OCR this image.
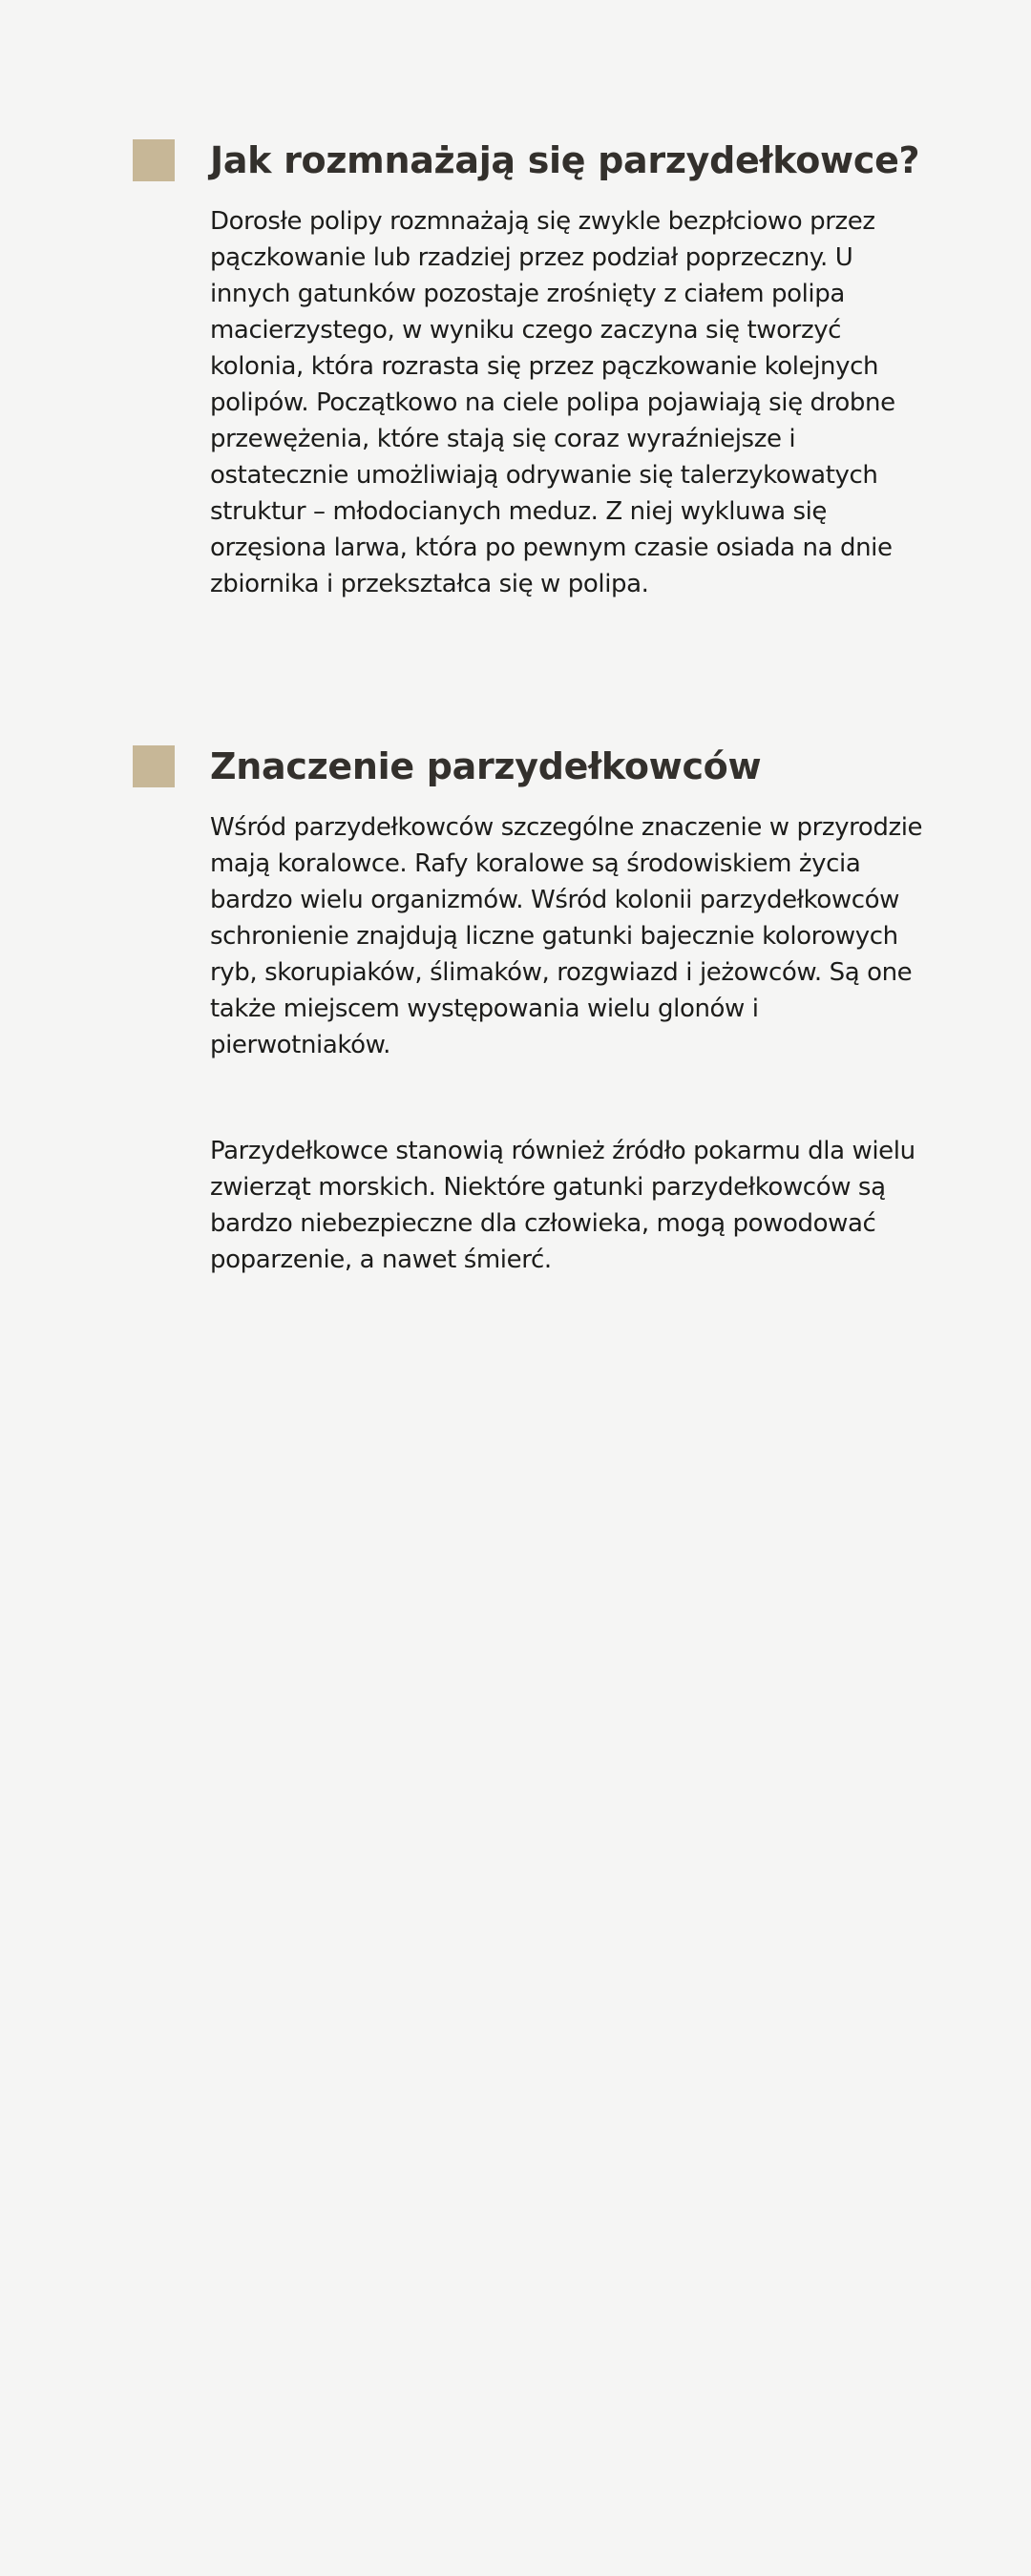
Jak rozmnażają się parzydełkowce?

Dorosłe polipy rozmnażają się zwykle bezpłciowo przez pączkowanie lub rzadziej przez podział poprzeczny. U innych gatunków pozostaje zrośnięty z ciałem polipa macierzystego, w wyniku czego zaczyna się tworzyć kolonia, która rozrasta się przez pączkowanie kolejnych polipów. Początkowo na ciele polipa pojawiają się drobne przewężenia, które stają się coraz wyraźniejsze i ostatecznie umożliwiają odrywanie się talerzykowatych struktur – młodocianych meduz. Z niej wykluwa się orzęsiona larwa, która po pewnym czasie osiada na dnie zbiornika i przekształca się w polipa.

Znaczenie parzydełkowców

Wśród parzydełkowców szczególne znaczenie w przyrodzie mają koralowce. Rafy koralowe są środowiskiem życia bardzo wielu organizmów. Wśród kolonii parzydełkowców schronienie znajdują liczne gatunki bajecznie kolorowych ryb, skorupiaków, ślimaków, rozgwiazd i jeżowców. Są one także miejscem występowania wielu glonów i pierwotniaków.

Parzydełkowce stanowią również źródło pokarmu dla wielu zwierząt morskich. Niektóre gatunki parzydełkowców są bardzo niebezpieczne dla człowieka, mogą powodować poparzenie, a nawet śmierć.
